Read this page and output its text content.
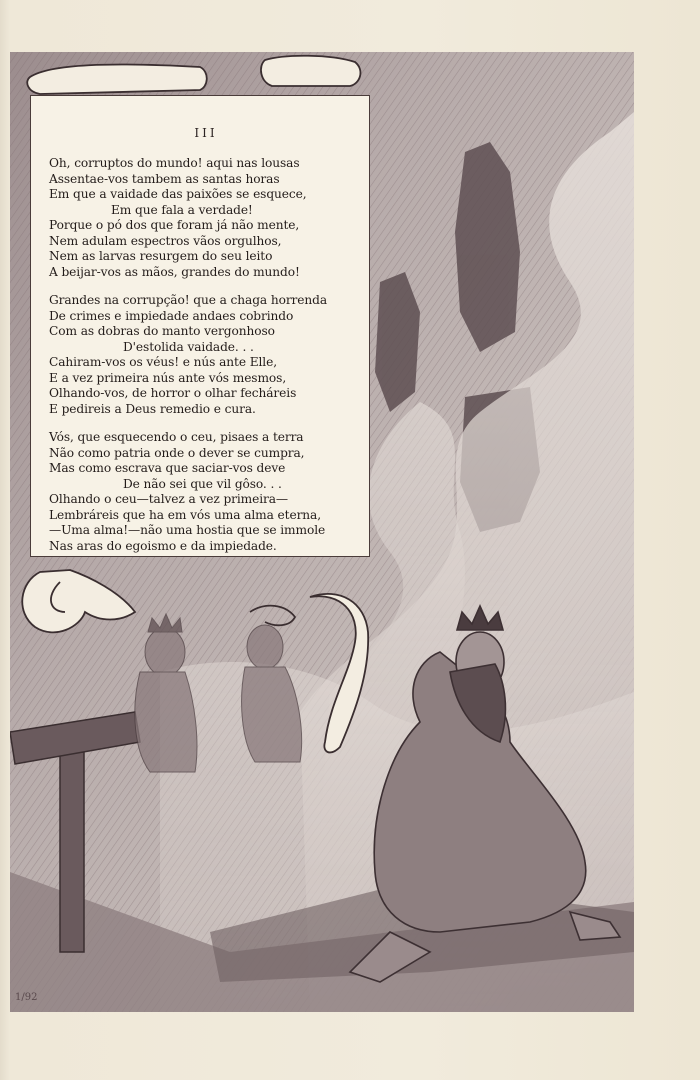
1/92

III

Oh, corruptos do mundo! aqui nas lousas
Assentae-vos tambem as santas horas
Em que a vaidade das paixões se esquece,
Em que fala a verdade!
Porque o pó dos que foram já não mente,
Nem adulam espectros vãos orgulhos,
Nem as larvas resurgem do seu leito
A beijar-vos as mãos, grandes do mundo!
Grandes na corrupção! que a chaga horrenda
De crimes e impiedade andaes cobrindo
Com as dobras do manto vergonhoso
D'estolida vaidade. . .
Cahiram-vos os véus! e nús ante Elle,
E a vez primeira nús ante vós mesmos,
Olhando-vos, de horror o olhar fecháreis
E pedireis a Deus remedio e cura.
Vós, que esquecendo o ceu, pisaes a terra
Não como patria onde o dever se cumpra,
Mas como escrava que saciar-vos deve
De não sei que vil gôso. . .
Olhando o ceu—talvez a vez primeira—
Lembráreis que ha em vós uma alma eterna,
—Uma alma!—não uma hostia que se immole
Nas aras do egoismo e da impiedade.
